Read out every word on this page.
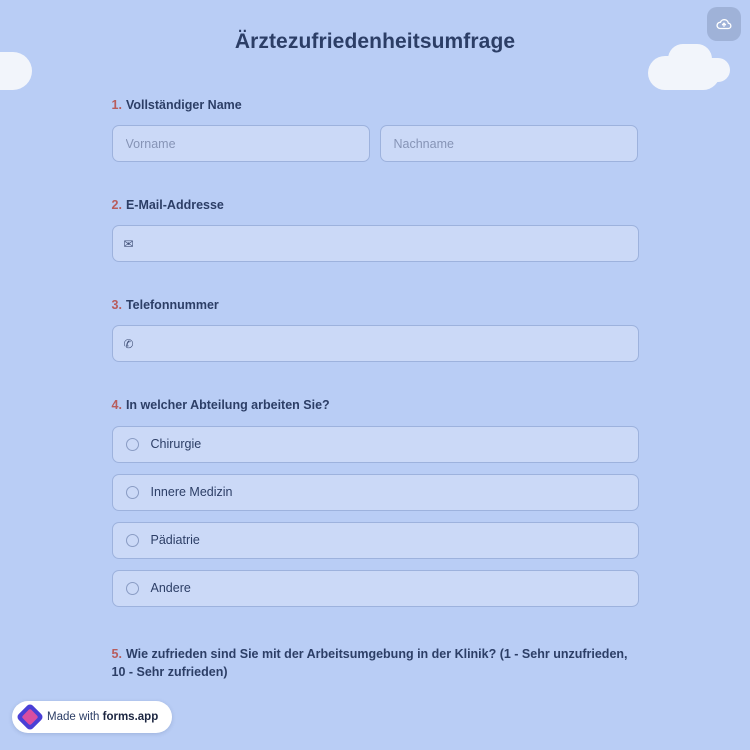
Ärztezufriedenheitsumfrage
1. Vollständiger Name
Vorname
Nachname
2. E-Mail-Addresse
✉
3. Telefonnummer
✆
4. In welcher Abteilung arbeiten Sie?
Chirurgie
Innere Medizin
Pädiatrie
Andere
5. Wie zufrieden sind Sie mit der Arbeitsumgebung in der Klinik? (1 - Sehr unzufrieden, 10 - Sehr zufrieden)
Made with forms.app
